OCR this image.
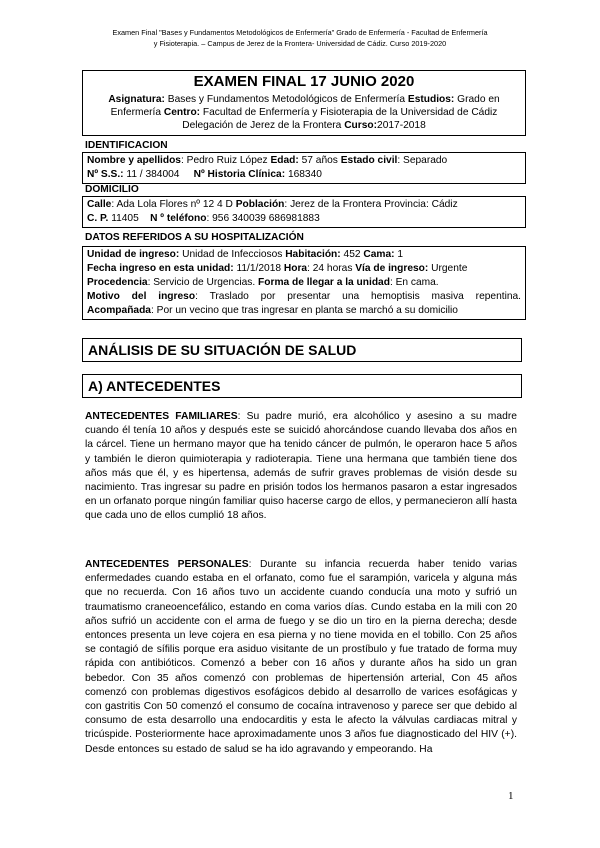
Examen Final "Bases y Fundamentos Metodológicos de Enfermería" Grado de Enfermería - Facultad de Enfermería
y Fisioterapia. – Campus de Jerez de la Frontera- Universidad de Cádiz. Curso 2019-2020
EXAMEN FINAL 17 JUNIO 2020

Asignatura: Bases y Fundamentos Metodológicos de Enfermería Estudios: Grado en Enfermería Centro: Facultad de Enfermería y Fisioterapia de la Universidad de Cádiz Delegación de Jerez de la Frontera Curso:2017-2018

IDENTIFICACION
Nombre y apellidos: Pedro Ruiz López Edad: 57 años Estado civil: Separado
Nº S.S.: 11 / 384004 Nº Historia Clínica: 168340
DOMICILIO
Calle: Ada Lola Flores nº 12 4 D Población: Jerez de la Frontera Provincia: Cádiz
C. P. 11405 N º teléfono: 956 340039 686981883
DATOS REFERIDOS A SU HOSPITALIZACIÓN
Unidad de ingreso: Unidad de Infecciosos Habitación: 452 Cama: 1
Fecha ingreso en esta unidad: 11/1/2018 Hora: 24 horas Vía de ingreso: Urgente
Procedencia: Servicio de Urgencias. Forma de llegar a la unidad: En cama.
Motivo del ingreso: Traslado por presentar una hemoptisis masiva repentina.
Acompañada: Por un vecino que tras ingresar en planta se marchó a su domicilio
ANÁLISIS DE SU SITUACIÓN DE SALUD
A) ANTECEDENTES
ANTECEDENTES FAMILIARES: Su padre murió, era alcohólico y asesino a su madre cuando él tenía 10 años y después este se suicidó ahorcándose cuando llevaba dos años en la cárcel. Tiene un hermano mayor que ha tenido cáncer de pulmón, le operaron hace 5 años y también le dieron quimioterapia y radioterapia. Tiene una hermana que también tiene dos años más que él, y es hipertensa, además de sufrir graves problemas de visión desde su nacimiento. Tras ingresar su padre en prisión todos los hermanos pasaron a estar ingresados en un orfanato porque ningún familiar quiso hacerse cargo de ellos, y permanecieron allí hasta que cada uno de ellos cumplió 18 años.
ANTECEDENTES PERSONALES: Durante su infancia recuerda haber tenido varias enfermedades cuando estaba en el orfanato, como fue el sarampión, varicela y alguna más que no recuerda. Con 16 años tuvo un accidente cuando conducía una moto y sufrió un traumatismo craneoencefálico, estando en coma varios días. Cundo estaba en la mili con 20 años sufrió un accidente con el arma de fuego y se dio un tiro en la pierna derecha; desde entonces presenta un leve cojera en esa pierna y no tiene movida en el tobillo. Con 25 años se contagió de sífilis porque era asiduo visitante de un prostíbulo y fue tratado de forma muy rápida con antibióticos. Comenzó a beber con 16 años y durante años ha sido un gran bebedor. Con 35 años comenzó con problemas de hipertensión arterial, Con 45 años comenzó con problemas digestivos esofágicos debido al desarrollo de varices esofágicas y con gastritis Con 50 comenzó el consumo de cocaína intravenoso y parece ser que debido al consumo de esta desarrollo una endocarditis y esta le afecto la válvulas cardiacas mitral y tricúspide. Posteriormente hace aproximadamente unos 3 años fue diagnosticado del HIV (+). Desde entonces su estado de salud se ha ido agravando y empeorando. Ha
1
